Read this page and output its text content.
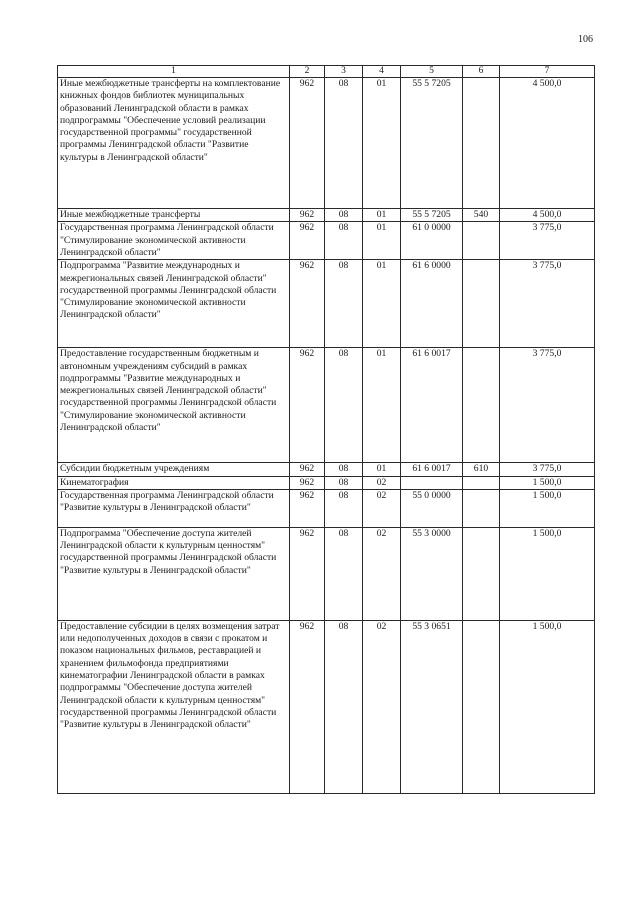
106
1	2	3	4	5	6	7
Иные межбюджетные трансферты на комплектование книжных фондов библиотек муниципальных образований Ленинградской области в рамках подпрограммы "Обеспечение условий реализации государственной программы" государственной программы Ленинградской области "Развитие культуры в Ленинградской области"	962	08	01	55 5 7205		4 500,0
Иные межбюджетные трансферты	962	08	01	55 5 7205	540	4 500,0
Государственная программа Ленинградской области "Стимулирование экономической активности Ленинградской области"	962	08	01	61 0 0000		3 775,0
Подпрограмма "Развитие международных и межрегиональных связей Ленинградской области" государственной программы Ленинградской области "Стимулирование экономической активности Ленинградской области"	962	08	01	61 6 0000		3 775,0
Предоставление государственным бюджетным и автономным учреждениям субсидий в рамках подпрограммы "Развитие международных и межрегиональных связей Ленинградской области" государственной программы Ленинградской области "Стимулирование экономической активности Ленинградской области"	962	08	01	61 6 0017		3 775,0
Субсидии бюджетным учреждениям	962	08	01	61 6 0017	610	3 775,0
Кинематография	962	08	02			1 500,0
Государственная программа Ленинградской области "Развитие культуры в Ленинградской области"	962	08	02	55 0 0000		1 500,0
Подпрограмма "Обеспечение доступа жителей Ленинградской области к культурным ценностям" государственной программы Ленинградской области "Развитие культуры в Ленинградской области"	962	08	02	55 3 0000		1 500,0
Предоставление субсидии в целях возмещения затрат или недополученных доходов в связи с прокатом и показом национальных фильмов, реставрацией и хранением фильмофонда предприятиями кинематографии Ленинградской области в рамках подпрограммы "Обеспечение доступа жителей Ленинградской области к культурным ценностям" государственной программы Ленинградской области "Развитие культуры в Ленинградской области"	962	08	02	55 3 0651		1 500,0
